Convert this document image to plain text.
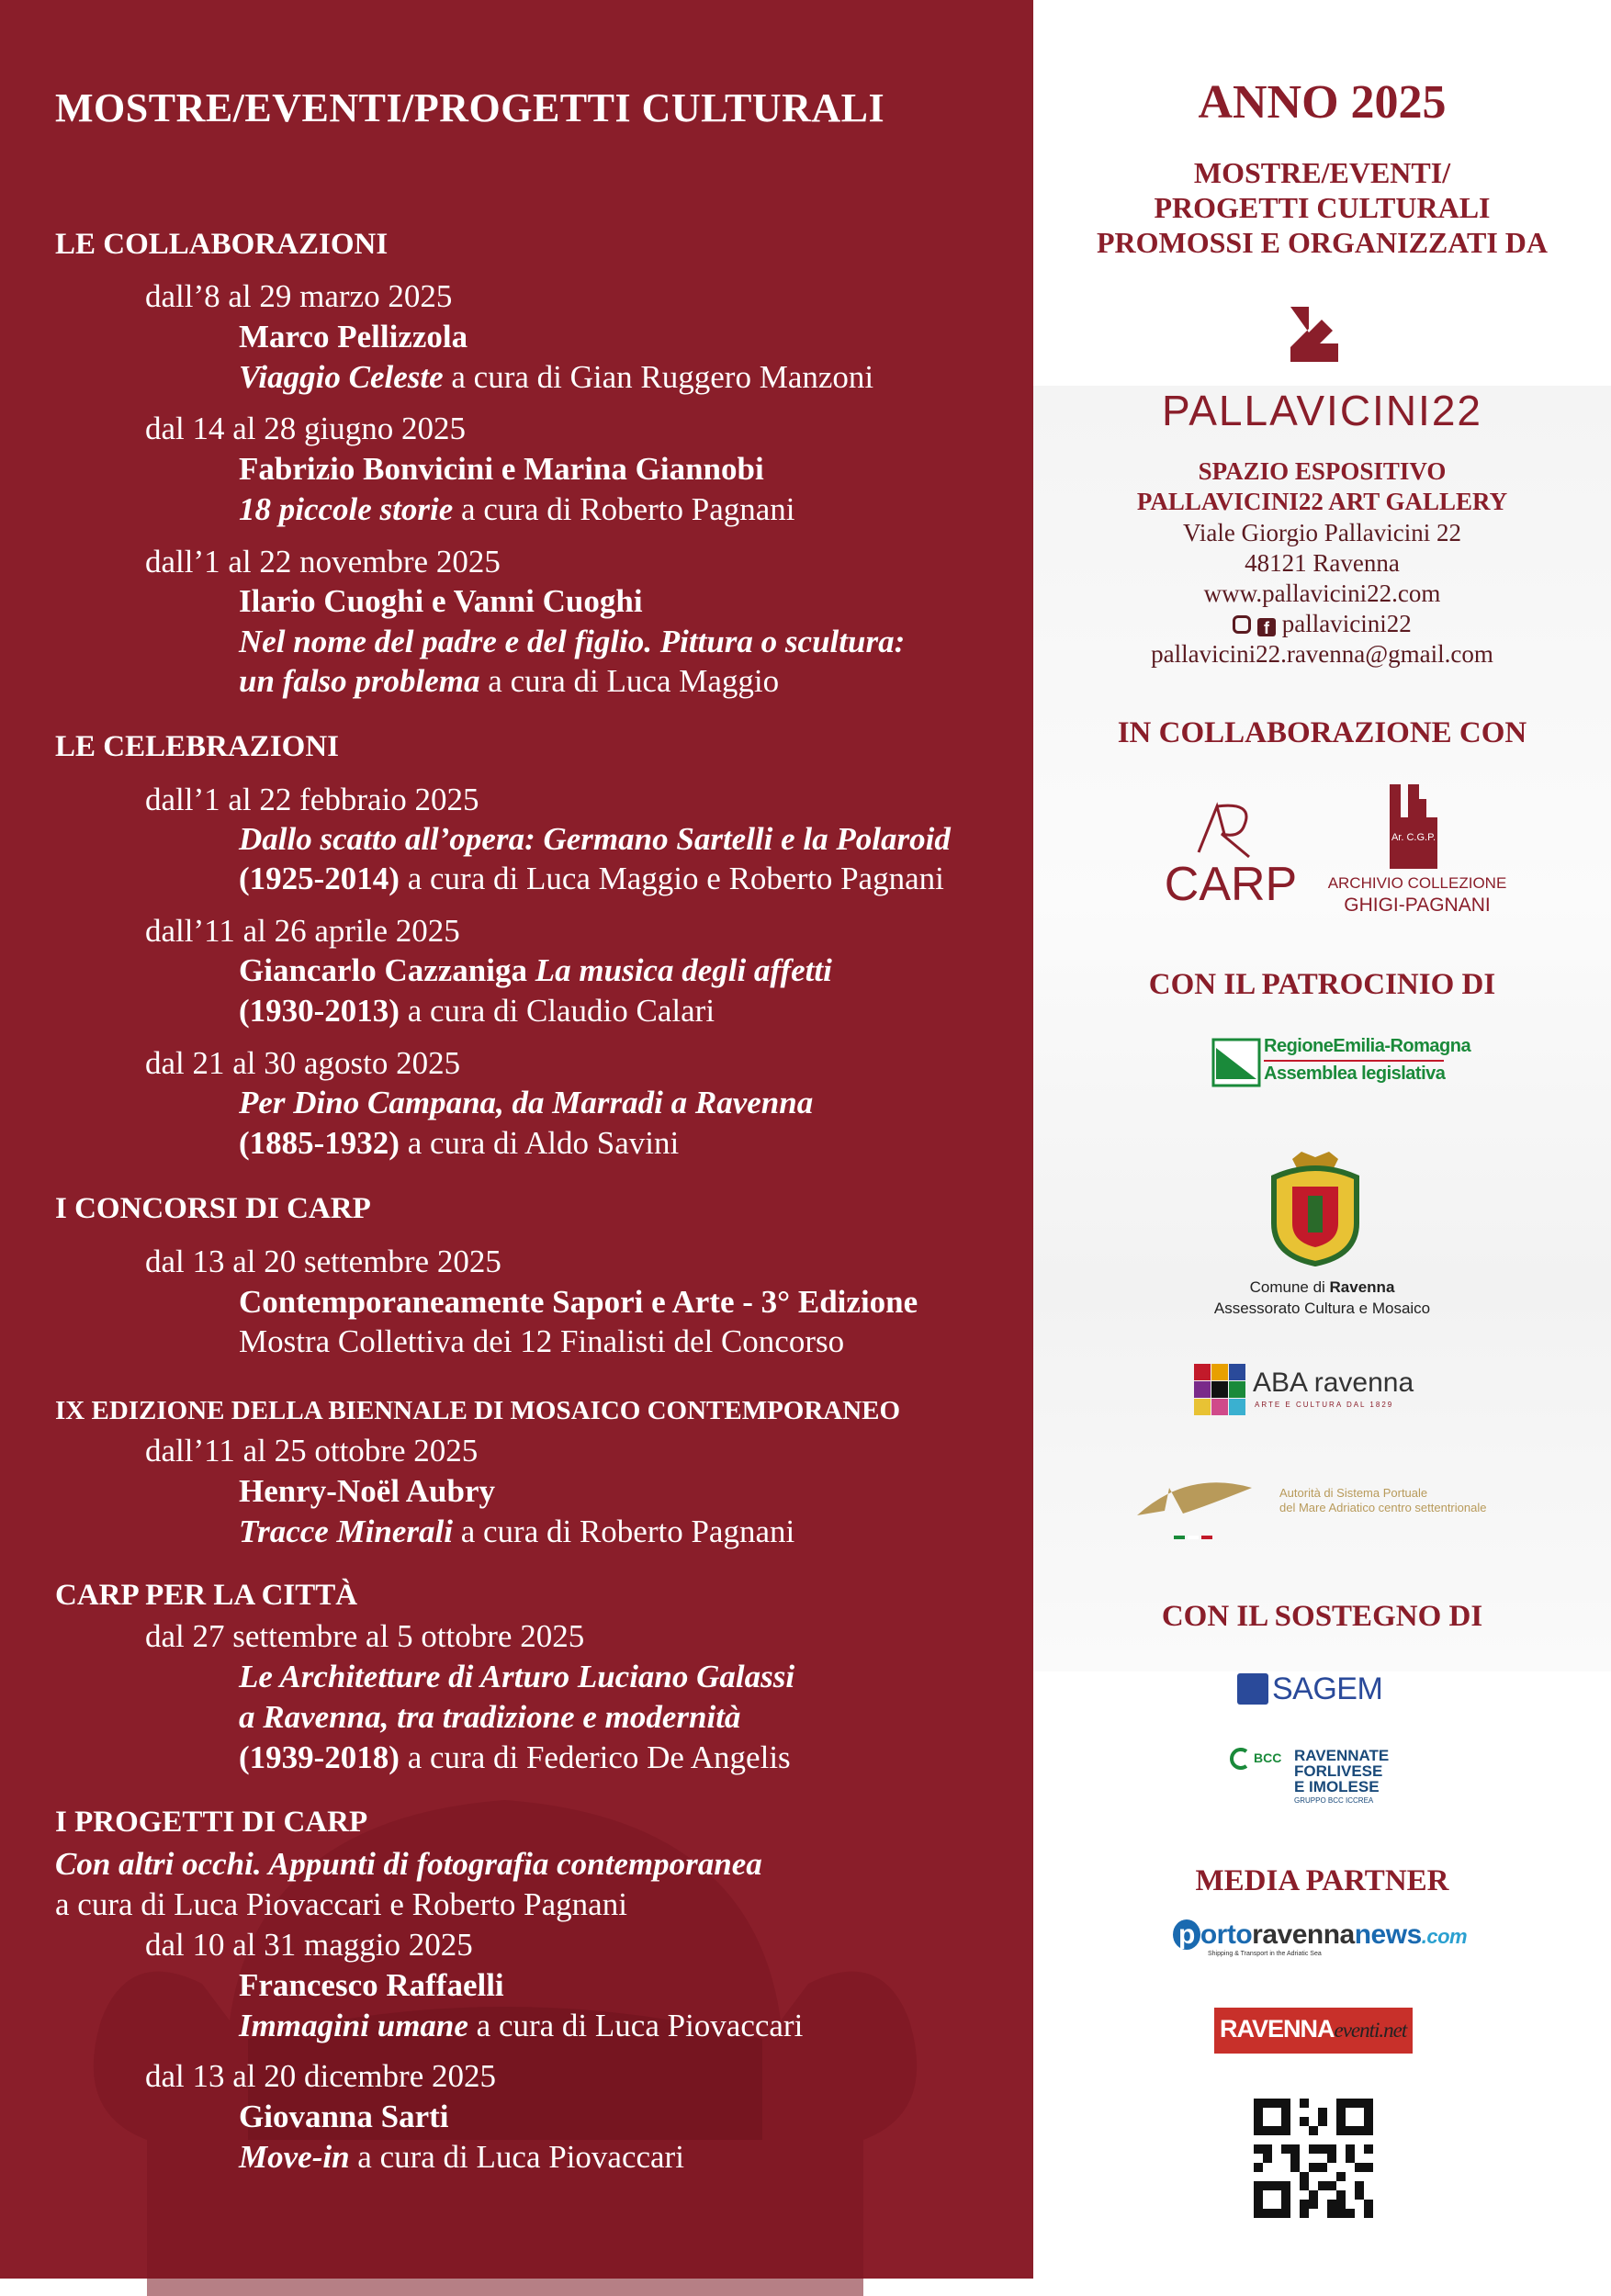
MOSTRE/EVENTI/PROGETTI CULTURALI
LE COLLABORAZIONI
dall’8 al 29 marzo 2025
Marco Pellizzola
Viaggio Celeste a cura di Gian Ruggero Manzoni
dal 14 al 28 giugno 2025
Fabrizio Bonvicini e Marina Giannobi
18 piccole storie a cura di Roberto Pagnani
dall’1 al 22 novembre 2025
Ilario Cuoghi e Vanni Cuoghi
Nel nome del padre e del figlio. Pittura o scultura:
un falso problema a cura di Luca Maggio
LE CELEBRAZIONI
dall’1 al 22 febbraio 2025
Dallo scatto all’opera: Germano Sartelli e la Polaroid
(1925-2014) a cura di Luca Maggio e Roberto Pagnani
dall’11 al 26 aprile 2025
Giancarlo Cazzaniga La musica degli affetti
(1930-2013) a cura di Claudio Calari
dal 21 al 30 agosto 2025
Per Dino Campana, da Marradi a Ravenna
(1885-1932) a cura di Aldo Savini
I CONCORSI DI CARP
dal 13 al 20 settembre 2025
Contemporaneamente Sapori e Arte - 3° Edizione
Mostra Collettiva dei 12 Finalisti del Concorso
IX EDIZIONE DELLA BIENNALE DI MOSAICO CONTEMPORANEO
dall’11 al 25 ottobre 2025
Henry-Noël Aubry
Tracce Minerali a cura di Roberto Pagnani
CARP PER LA CITTÀ
dal 27 settembre al 5 ottobre 2025
Le Architetture di Arturo Luciano Galassi
a Ravenna, tra tradizione e modernità
(1939-2018) a cura di Federico De Angelis
I PROGETTI DI CARP
Con altri occhi. Appunti di fotografia contemporanea
a cura di Luca Piovaccari e Roberto Pagnani
dal 10 al 31 maggio 2025
Francesco Raffaelli
Immagini umane a cura di Luca Piovaccari
dal 13 al 20 dicembre 2025
Giovanna Sarti
Move-in a cura di Luca Piovaccari
ANNO 2025
MOSTRE/EVENTI/
PROGETTI CULTURALI
PROMOSSI E ORGANIZZATI DA
PALLAVICINI22
SPAZIO ESPOSITIVO
PALLAVICINI22 ART GALLERY
Viale Giorgio Pallavicini 22
48121 Ravenna
www.pallavicini22.com
f pallavicini22
pallavicini22.ravenna@gmail.com
IN COLLABORAZIONE CON
CARP
Ar. C.G.P.
ARCHIVIO COLLEZIONE
GHIGI-PAGNANI
CON IL PATROCINIO DI
RegioneEmilia-Romagna
Assemblea legislativa
Comune di Ravenna
Assessorato Cultura e Mosaico
ABA ravenna
ARTE E CULTURA DAL 1829
Autorità di Sistema Portuale
del Mare Adriatico centro settentrionale
CON IL SOSTEGNO DI
SAGEM
BCC RAVENNATE
FORLIVESE
E IMOLESE
GRUPPO BCC ICCREA
MEDIA PARTNER
p ortoravennanews.com
Shipping & Transport in the Adriatic Sea
RAVENNAeventi.net
